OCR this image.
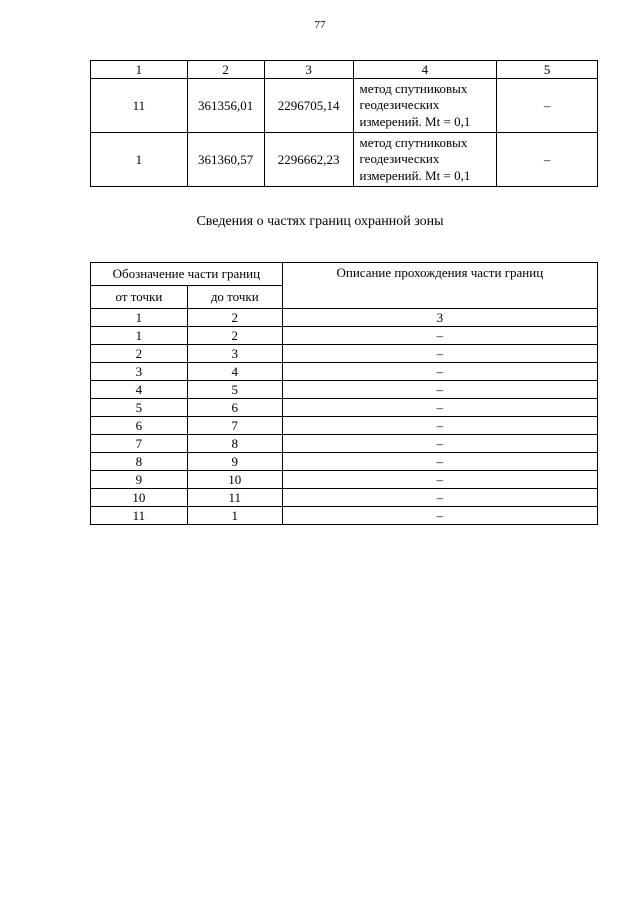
77
1	2	3	4	5
11	361356,01	2296705,14	метод спутниковых
геодезических
измерений. Mt = 0,1	–
1	361360,57	2296662,23	метод спутниковых
геодезических
измерений. Mt = 0,1	–
Сведения о частях границ охранной зоны
Обозначение части границ		Описание прохождения части границ
от точки	до точки	
1	2	3
1	2	–
2	3	–
3	4	–
4	5	–
5	6	–
6	7	–
7	8	–
8	9	–
9	10	–
10	11	–
11	1	–
